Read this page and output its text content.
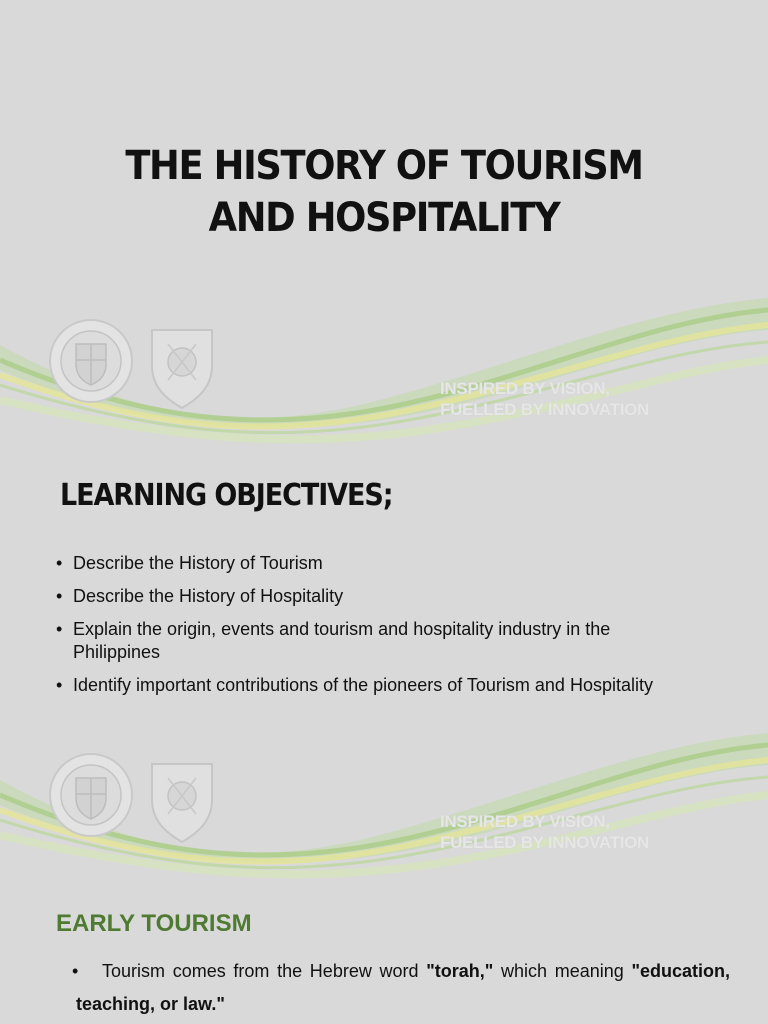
THE HISTORY OF TOURISM
AND HOSPITALITY
INSPIRED BY VISION,
FUELLED BY INNOVATION
LEARNING OBJECTIVES;
• Describe the History of Tourism
• Describe the History of Hospitality
• Explain the origin, events and tourism and hospitality industry in the Philippines
• Identify important contributions of the pioneers of Tourism and Hospitality
INSPIRED BY VISION,
FUELLED BY INNOVATION
EARLY TOURISM
• Tourism comes from the Hebrew word "torah," which meaning "education, teaching, or law."
